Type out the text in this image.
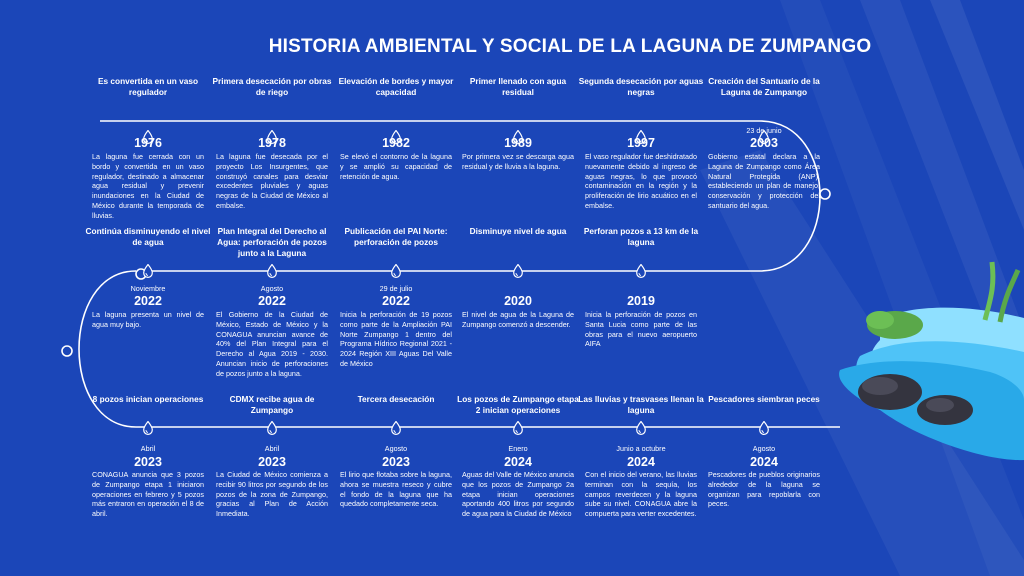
HISTORIA AMBIENTAL Y SOCIAL DE LA LAGUNA DE ZUMPANGO
Es convertida en un vaso regulador
1976
La laguna fue cerrada con un bordo y convertida en un vaso regulador, destinado a almacenar agua residual y prevenir inundaciones en la Ciudad de México durante la temporada de lluvias.
Primera desecación por obras de riego
1978
La laguna fue desecada por el proyecto Los Insurgentes, que construyó canales para desviar excedentes pluviales y aguas negras de la Ciudad de México al embalse.
Elevación de bordes y mayor capacidad
1982
Se elevó el contorno de la laguna y se amplió su capacidad de retención de agua.
Primer llenado con agua residual
1989
Por primera vez se descarga agua residual y de lluvia a la laguna.
Segunda desecación por aguas negras
1997
El vaso regulador fue deshidratado nuevamente debido al ingreso de aguas negras, lo que provocó contaminación en la región y la proliferación de lirio acuático en el embalse.
Creación del Santuario de la Laguna de Zumpango
23 de junio
2003
Gobierno estatal declara a la Laguna de Zumpango como Área Natural Protegida (ANP), estableciendo un plan de manejo, conservación y protección del santuario del agua.
Continúa disminuyendo el nivel de agua
Noviembre
2022
La laguna presenta un nivel de agua muy bajo.
Plan Integral del Derecho al Agua: perforación de pozos junto a la Laguna
Agosto
2022
El Gobierno de la Ciudad de México, Estado de México y la CONAGUA anuncian avance de 40% del Plan Integral para el Derecho al Agua 2019 - 2030. Anuncian inicio de perforaciones de pozos junto a la laguna.
Publicación del PAI Norte: perforación de pozos
29 de julio
2022
Inicia la perforación de 19 pozos como parte de la Ampliación PAI Norte Zumpango 1 dentro del Programa Hídrico Regional 2021 - 2024 Región XIII Aguas Del Valle de México
Disminuye nivel de agua
2020
El nivel de agua de la Laguna de Zumpango comenzó a descender.
Perforan pozos a 13 km de la laguna
2019
Inicia la perforación de pozos en Santa Lucia como parte de las obras para el nuevo aeropuerto AIFA
8 pozos inician operaciones
Abril
2023
CONAGUA anuncia que 3 pozos de Zumpango etapa 1 iniciaron operaciones en febrero y 5 pozos más entraron en operación el 8 de abril.
CDMX recibe agua de Zumpango
Abril
2023
La Ciudad de México comienza a recibir 90 litros por segundo de los pozos de la zona de Zumpango, gracias al Plan de Acción Inmediata.
Tercera desecación
Agosto
2023
El lirio que flotaba sobre la laguna, ahora se muestra reseco y cubre el fondo de la laguna que ha quedado completamente seca.
Los pozos de Zumpango etapa 2 inician operaciones
Enero
2024
Aguas del Valle de México anuncia que los pozos de Zumpango 2a etapa inician operaciones aportando 400 litros por segundo de agua para la Ciudad de México
Las lluvias y trasvases llenan la laguna
Junio a octubre
2024
Con el inicio del verano, las lluvias terminan con la sequía, los campos reverdecen y la laguna sube su nivel. CONAGUA abre la compuerta para verter excedentes.
Pescadores siembran peces
Agosto
2024
Pescadores de pueblos originarios alrededor de la laguna se organizan para repoblarla con peces.
